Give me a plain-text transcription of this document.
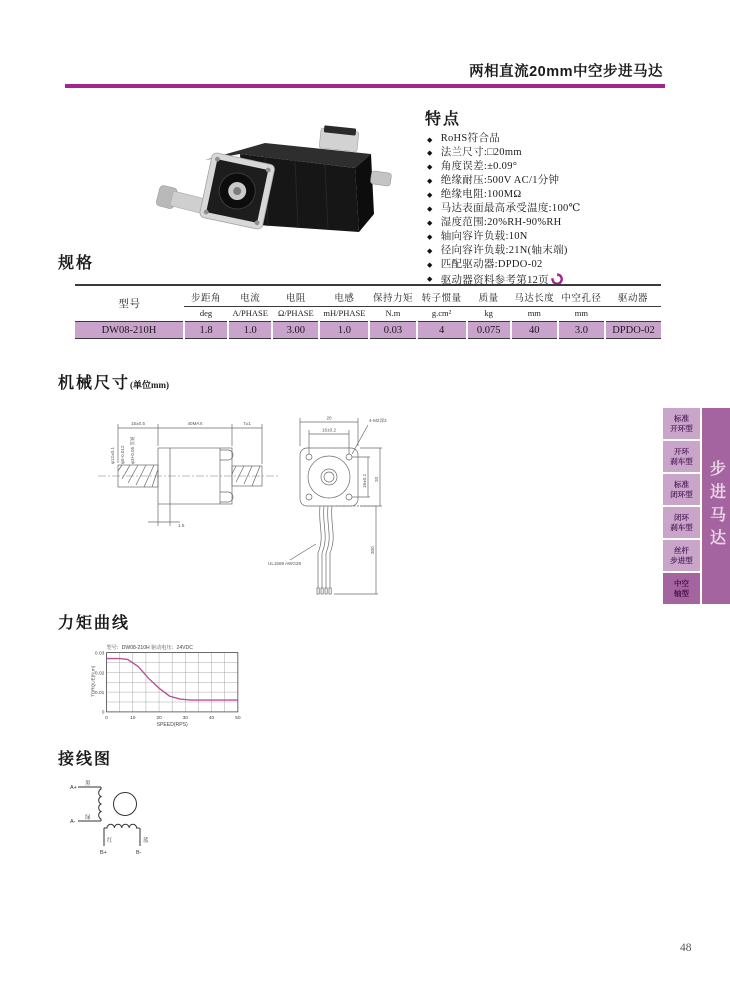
两相直流20mm中空步进马达
特点
◆ RoHS符合品
◆ 法兰尺寸:□20mm
◆ 角度误差:±0.09°
◆ 绝缘耐压:500V AC/1分钟
◆ 绝缘电阻:100MΩ
◆ 马达表面最高承受温度:100℃
◆ 湿度范围:20%RH-90%RH
◆ 轴向容许负载:10N
◆ 径向容许负载:21N(轴末端)
◆ 匹配驱动器:DPDO-02
◆ 驱动器资料参考第12页
规格
型号	步距角	电流	电阻	电感	保持力矩	转子惯量	质量	马达长度	中空孔径	驱动器
	deg	A/PHASE	Ω/PHASE	mH/PHASE	N.m	g.cm²	kg	mm	mm	
DW08-210H	1.8	1.0	3.00	1.0	0.03	4	0.075	40	3.0	DPDO-02
机械尺寸(单位mm)
15±0.5	40MAX	7±1
φ12±0.1 φ5-0.012 φ3+0.05 贯通
1.5
20
16±0.2
16±0.2 20
4-M2深3
UL1569 AWG28
300
标准
开环型
开环
刹车型
标准
闭环型
闭环
刹车型
丝杆
步进型
中空
轴型
步进马达
力矩曲线
型号：DW08-210H 驱动电压：24VDC
0.03
0.02
0.01
0
0	10	20	30	40	50
SPEED(RPS)
TORQUE(N.m)
接线图
A+
A-
黑
绿
红	蓝
B+	B-
48
